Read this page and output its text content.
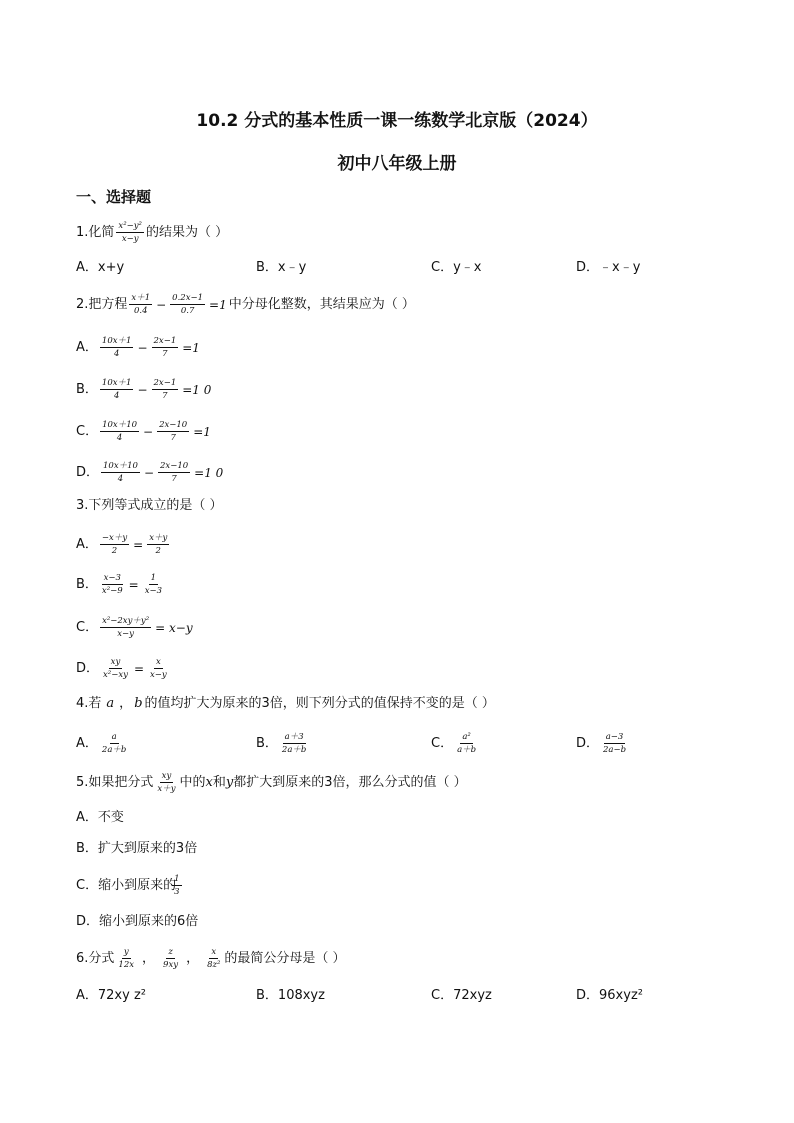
10.2 分式的基本性质一课一练数学北京版（2024）
初中八年级上册
一、选择题
1.化简 $\frac{\text{x²−y²}}{x-y}$ 的结果为（ ）
A．x+y	B．x﹣y	C．y﹣x	D．﹣x﹣y
2.把方程 $\frac{x+1}{0.4} - \frac{0.2x-1}{0.7} =1$ 中分母化整数，其结果应为（ ）
A． $\frac{10x+1}{4} - \frac{2x-1}{7} =1$
B． $\frac{10x+1}{4} - \frac{2x-1}{7} =1$ 0
C． $\frac{10x+10}{4} - \frac{2x-10}{7} =1$
D． $\frac{10x+10}{4} - \frac{2x-10}{7} =1$ 0
3.下列等式成立的是（ ）
A． $\frac{-x+y}{2} = \frac{x+y}{2}$
B． $\frac{x-3}{\text{x²−9}} = \frac{1}{x-3}$
C． $\frac{\text{x²−2xy＋y²}}{x-y} = x-y$
D． $\frac{xy}{\text{x²−xy}} = \frac{x}{x-y}$
4.若 a ， b 的值均扩大为原来的3倍，则下列分式的值保持不变的是（ ）
A． $\frac{a}{2a+b}$	B． $\frac{a+3}{2a+b}$	C． $\frac{\text{a²}}{a+b}$	D． $\frac{a-3}{2a-b}$
5.如果把分式 $\frac{xy}{x+y}$ 中的 x 和 y 都扩大到原来的3倍，那么分式的值（ ）
A．不变
B．扩大到原来的3倍
C．缩小到原来的
$\frac{1}{3}$
D．缩小到原来的6倍
6.分式 $\frac{y}{12x}$ ， $\frac{z}{9xy}$ ， $\frac{x}{\text{8z²}}$ 的最简公分母是（ ）
A．72xy z²	B．108xyz	C．72xyz	D．96xyz²
